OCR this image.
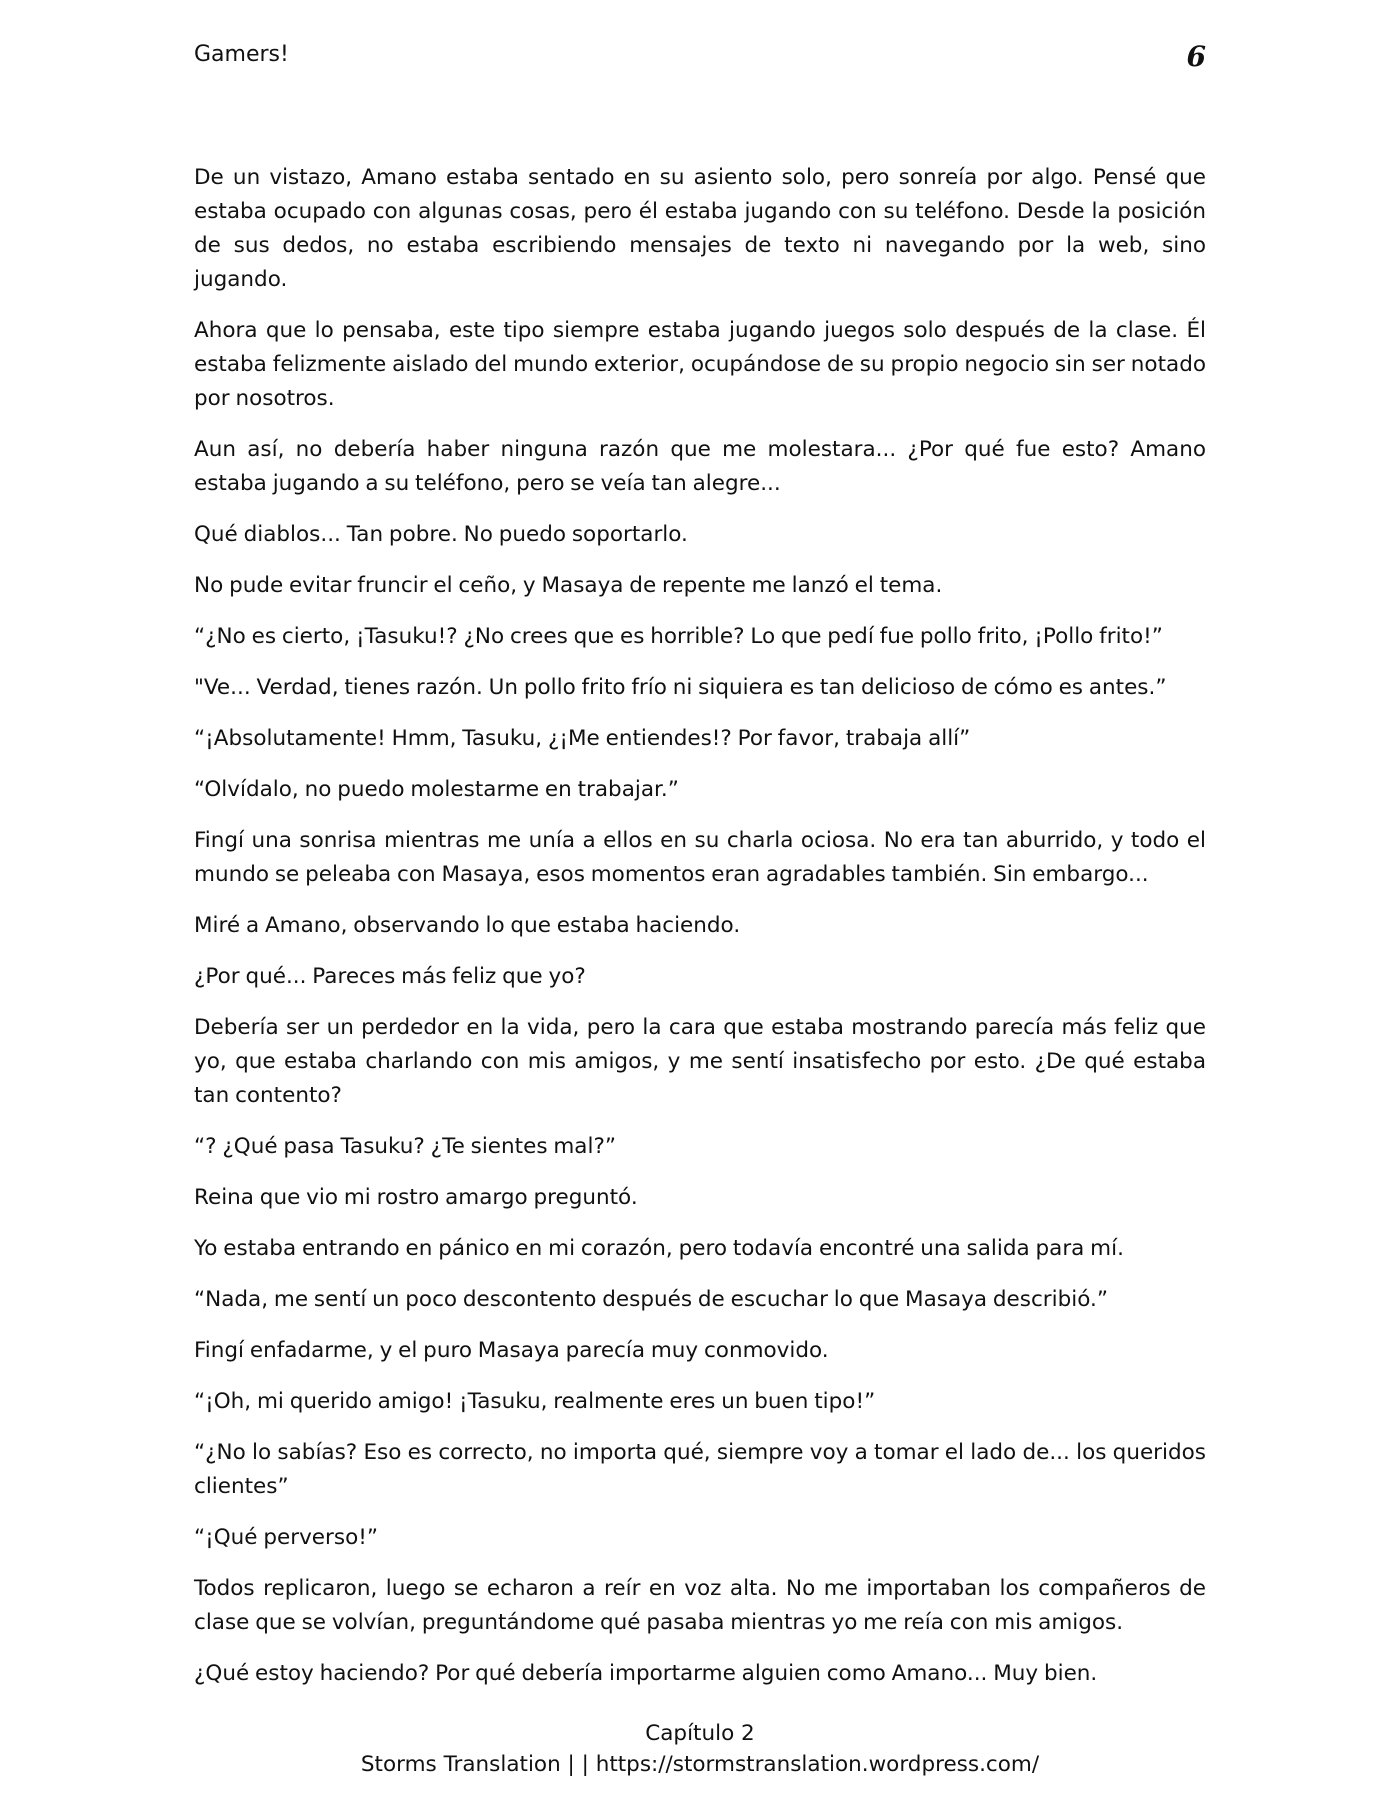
Gamers!	6

De un vistazo, Amano estaba sentado en su asiento solo, pero sonreía por algo. Pensé que estaba ocupado con algunas cosas, pero él estaba jugando con su teléfono. Desde la posición de sus dedos, no estaba escribiendo mensajes de texto ni navegando por la web, sino jugando.

Ahora que lo pensaba, este tipo siempre estaba jugando juegos solo después de la clase. Él estaba felizmente aislado del mundo exterior, ocupándose de su propio negocio sin ser notado por nosotros.

Aun así, no debería haber ninguna razón que me molestara... ¿Por qué fue esto? Amano estaba jugando a su teléfono, pero se veía tan alegre...

Qué diablos... Tan pobre. No puedo soportarlo.

No pude evitar fruncir el ceño, y Masaya de repente me lanzó el tema.

“¿No es cierto, ¡Tasuku!? ¿No crees que es horrible? Lo que pedí fue pollo frito, ¡Pollo frito!”

"Ve... Verdad, tienes razón. Un pollo frito frío ni siquiera es tan delicioso de cómo es antes.”

“¡Absolutamente! Hmm, Tasuku, ¿¡Me entiendes!? Por favor, trabaja allí”

“Olvídalo, no puedo molestarme en trabajar.”

Fingí una sonrisa mientras me unía a ellos en su charla ociosa. No era tan aburrido, y todo el mundo se peleaba con Masaya, esos momentos eran agradables también. Sin embargo...

Miré a Amano, observando lo que estaba haciendo.

¿Por qué... Pareces más feliz que yo?

Debería ser un perdedor en la vida, pero la cara que estaba mostrando parecía más feliz que yo, que estaba charlando con mis amigos, y me sentí insatisfecho por esto. ¿De qué estaba tan contento?

“? ¿Qué pasa Tasuku? ¿Te sientes mal?”

Reina que vio mi rostro amargo preguntó.

Yo estaba entrando en pánico en mi corazón, pero todavía encontré una salida para mí.

“Nada, me sentí un poco descontento después de escuchar lo que Masaya describió.”

Fingí enfadarme, y el puro Masaya parecía muy conmovido.

“¡Oh, mi querido amigo! ¡Tasuku, realmente eres un buen tipo!”

“¿No lo sabías? Eso es correcto, no importa qué, siempre voy a tomar el lado de... los queridos clientes”

“¡Qué perverso!”

Todos replicaron, luego se echaron a reír en voz alta. No me importaban los compañeros de clase que se volvían, preguntándome qué pasaba mientras yo me reía con mis amigos.

¿Qué estoy haciendo? Por qué debería importarme alguien como Amano... Muy bien.

Capítulo 2
Storms Translation | | https://stormstranslation.wordpress.com/
